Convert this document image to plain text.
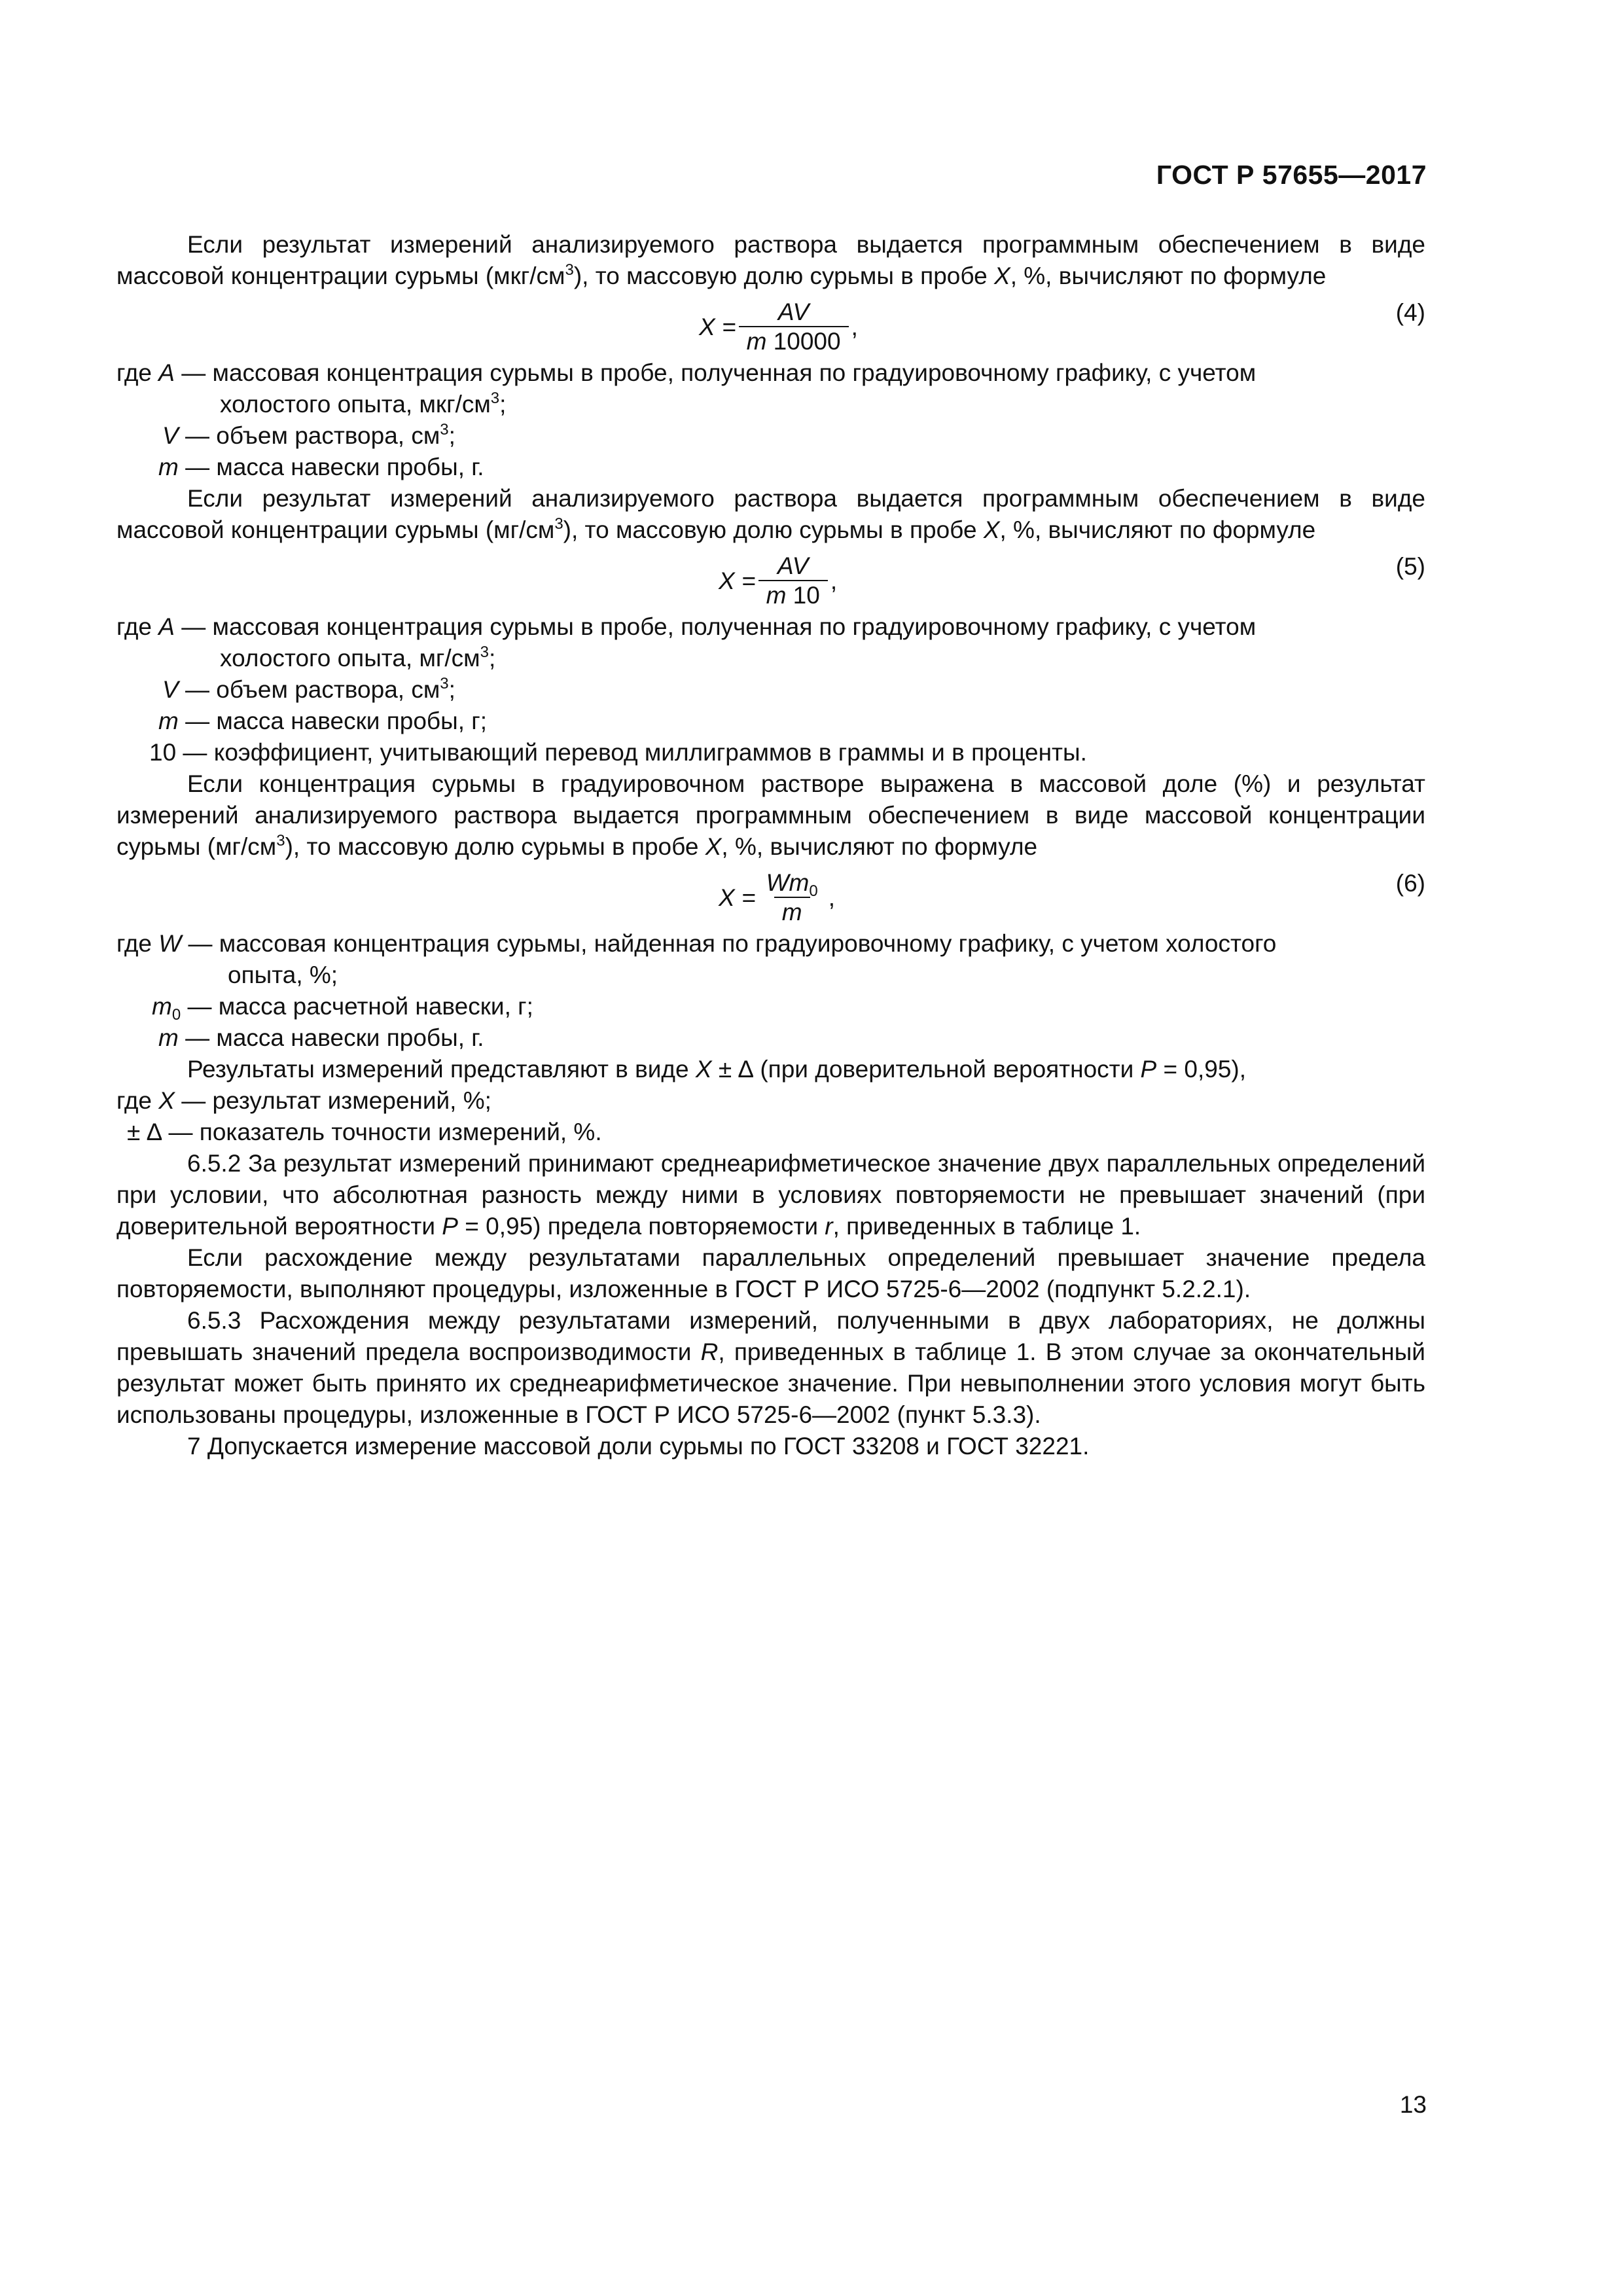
ГОСТ Р 57655—2017

Если результат измерений анализируемого раствора выдается программным обеспечением в виде массовой концентрации сурьмы $(мкг/см^3)$, то массовую долю сурьмы в пробе X, %, вычисляют по формуле

$X = \frac{AV}{m 10000}$ ,
(4)
где A — массовая концентрация сурьмы в пробе, полученная по градуировочному графику, с учетом
холостого опыта, мкг/$см^3$;
V — объем раствора, $см^3$;
m — масса навески пробы, г.

Если результат измерений анализируемого раствора выдается программным обеспечением в виде массовой концентрации сурьмы $(мг/см^3)$, то массовую долю сурьмы в пробе X, %, вычисляют по формуле

$X = \frac{AV}{m 10}$ ,
(5)
где A — массовая концентрация сурьмы в пробе, полученная по градуировочному графику, с учетом
холостого опыта, $мг/см^3$;
V — объем раствора, $см^3$;
m — масса навески пробы, г;
10 — коэффициент, учитывающий перевод миллиграммов в граммы и в проценты.

Если концентрация сурьмы в градуировочном растворе выражена в массовой доле (%) и результат измерений анализируемого раствора выдается программным обеспечением в виде массовой концентрации сурьмы $(мг/см^3)$, то массовую долю сурьмы в пробе X, %, вычисляют по формуле

$X = \frac{Wm_0}{m}$ ,
(6)
где W — массовая концентрация сурьмы, найденная по градуировочному графику, с учетом холостого
опыта, %;
$m_0$ — масса расчетной навески, г;
m — масса навески пробы, г.

Результаты измерений представляют в виде X ± ∆ (при доверительной вероятности P = 0,95),

где X — результат измерений, %;
± ∆ — показатель точности измерений, %.

6.5.2 За результат измерений принимают среднеарифметическое значение двух параллельных определений при условии, что абсолютная разность между ними в условиях повторяемости не превышает значений (при доверительной вероятности P = 0,95) предела повторяемости r, приведенных в таблице 1.

Если расхождение между результатами параллельных определений превышает значение предела повторяемости, выполняют процедуры, изложенные в ГОСТ Р ИСО 5725-6—2002 (подпункт 5.2.2.1).

6.5.3 Расхождения между результатами измерений, полученными в двух лабораториях, не должны превышать значений предела воспроизводимости R, приведенных в таблице 1. В этом случае за окончательный результат может быть принято их среднеарифметическое значение. При невыполнении этого условия могут быть использованы процедуры, изложенные в ГОСТ Р ИСО 5725-6—2002 (пункт 5.3.3).

7 Допускается измерение массовой доли сурьмы по ГОСТ 33208 и ГОСТ 32221.

13
